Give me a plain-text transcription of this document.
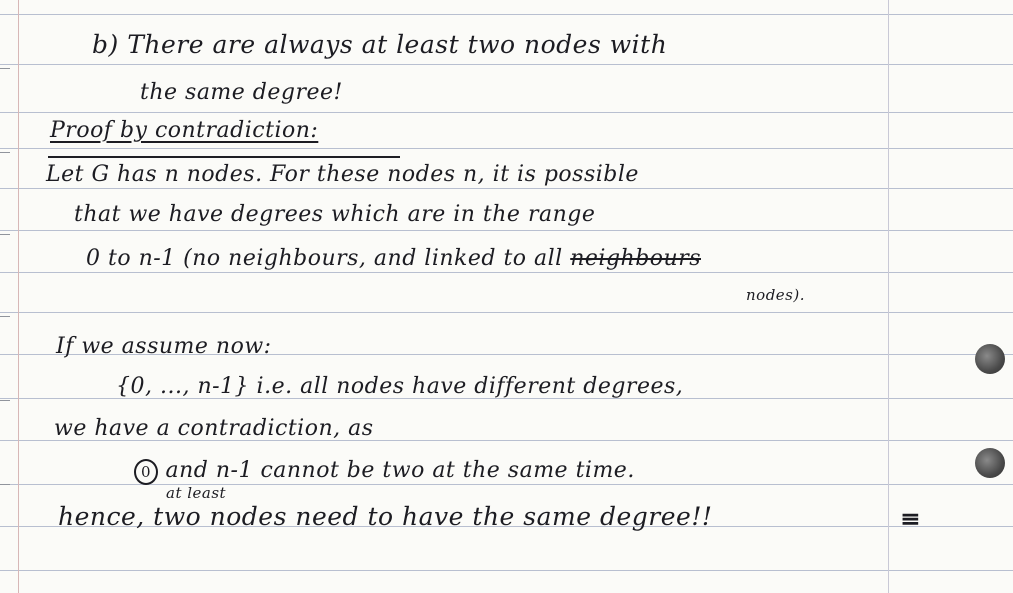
b) There are always at least two nodes with
the same degree!
Proof by contradiction:
Let G has n nodes. For these nodes n, it is possible
that we have degrees which are in the range
0 to n-1 (no neighbours, and linked to all neighbours
nodes).
If we assume now:
{0, ..., n-1} i.e. all nodes have different degrees,
we have a contradiction, as
0 and n-1 cannot be two at the same time.
at least
hence, two nodes need to have the same degree!!	≡
